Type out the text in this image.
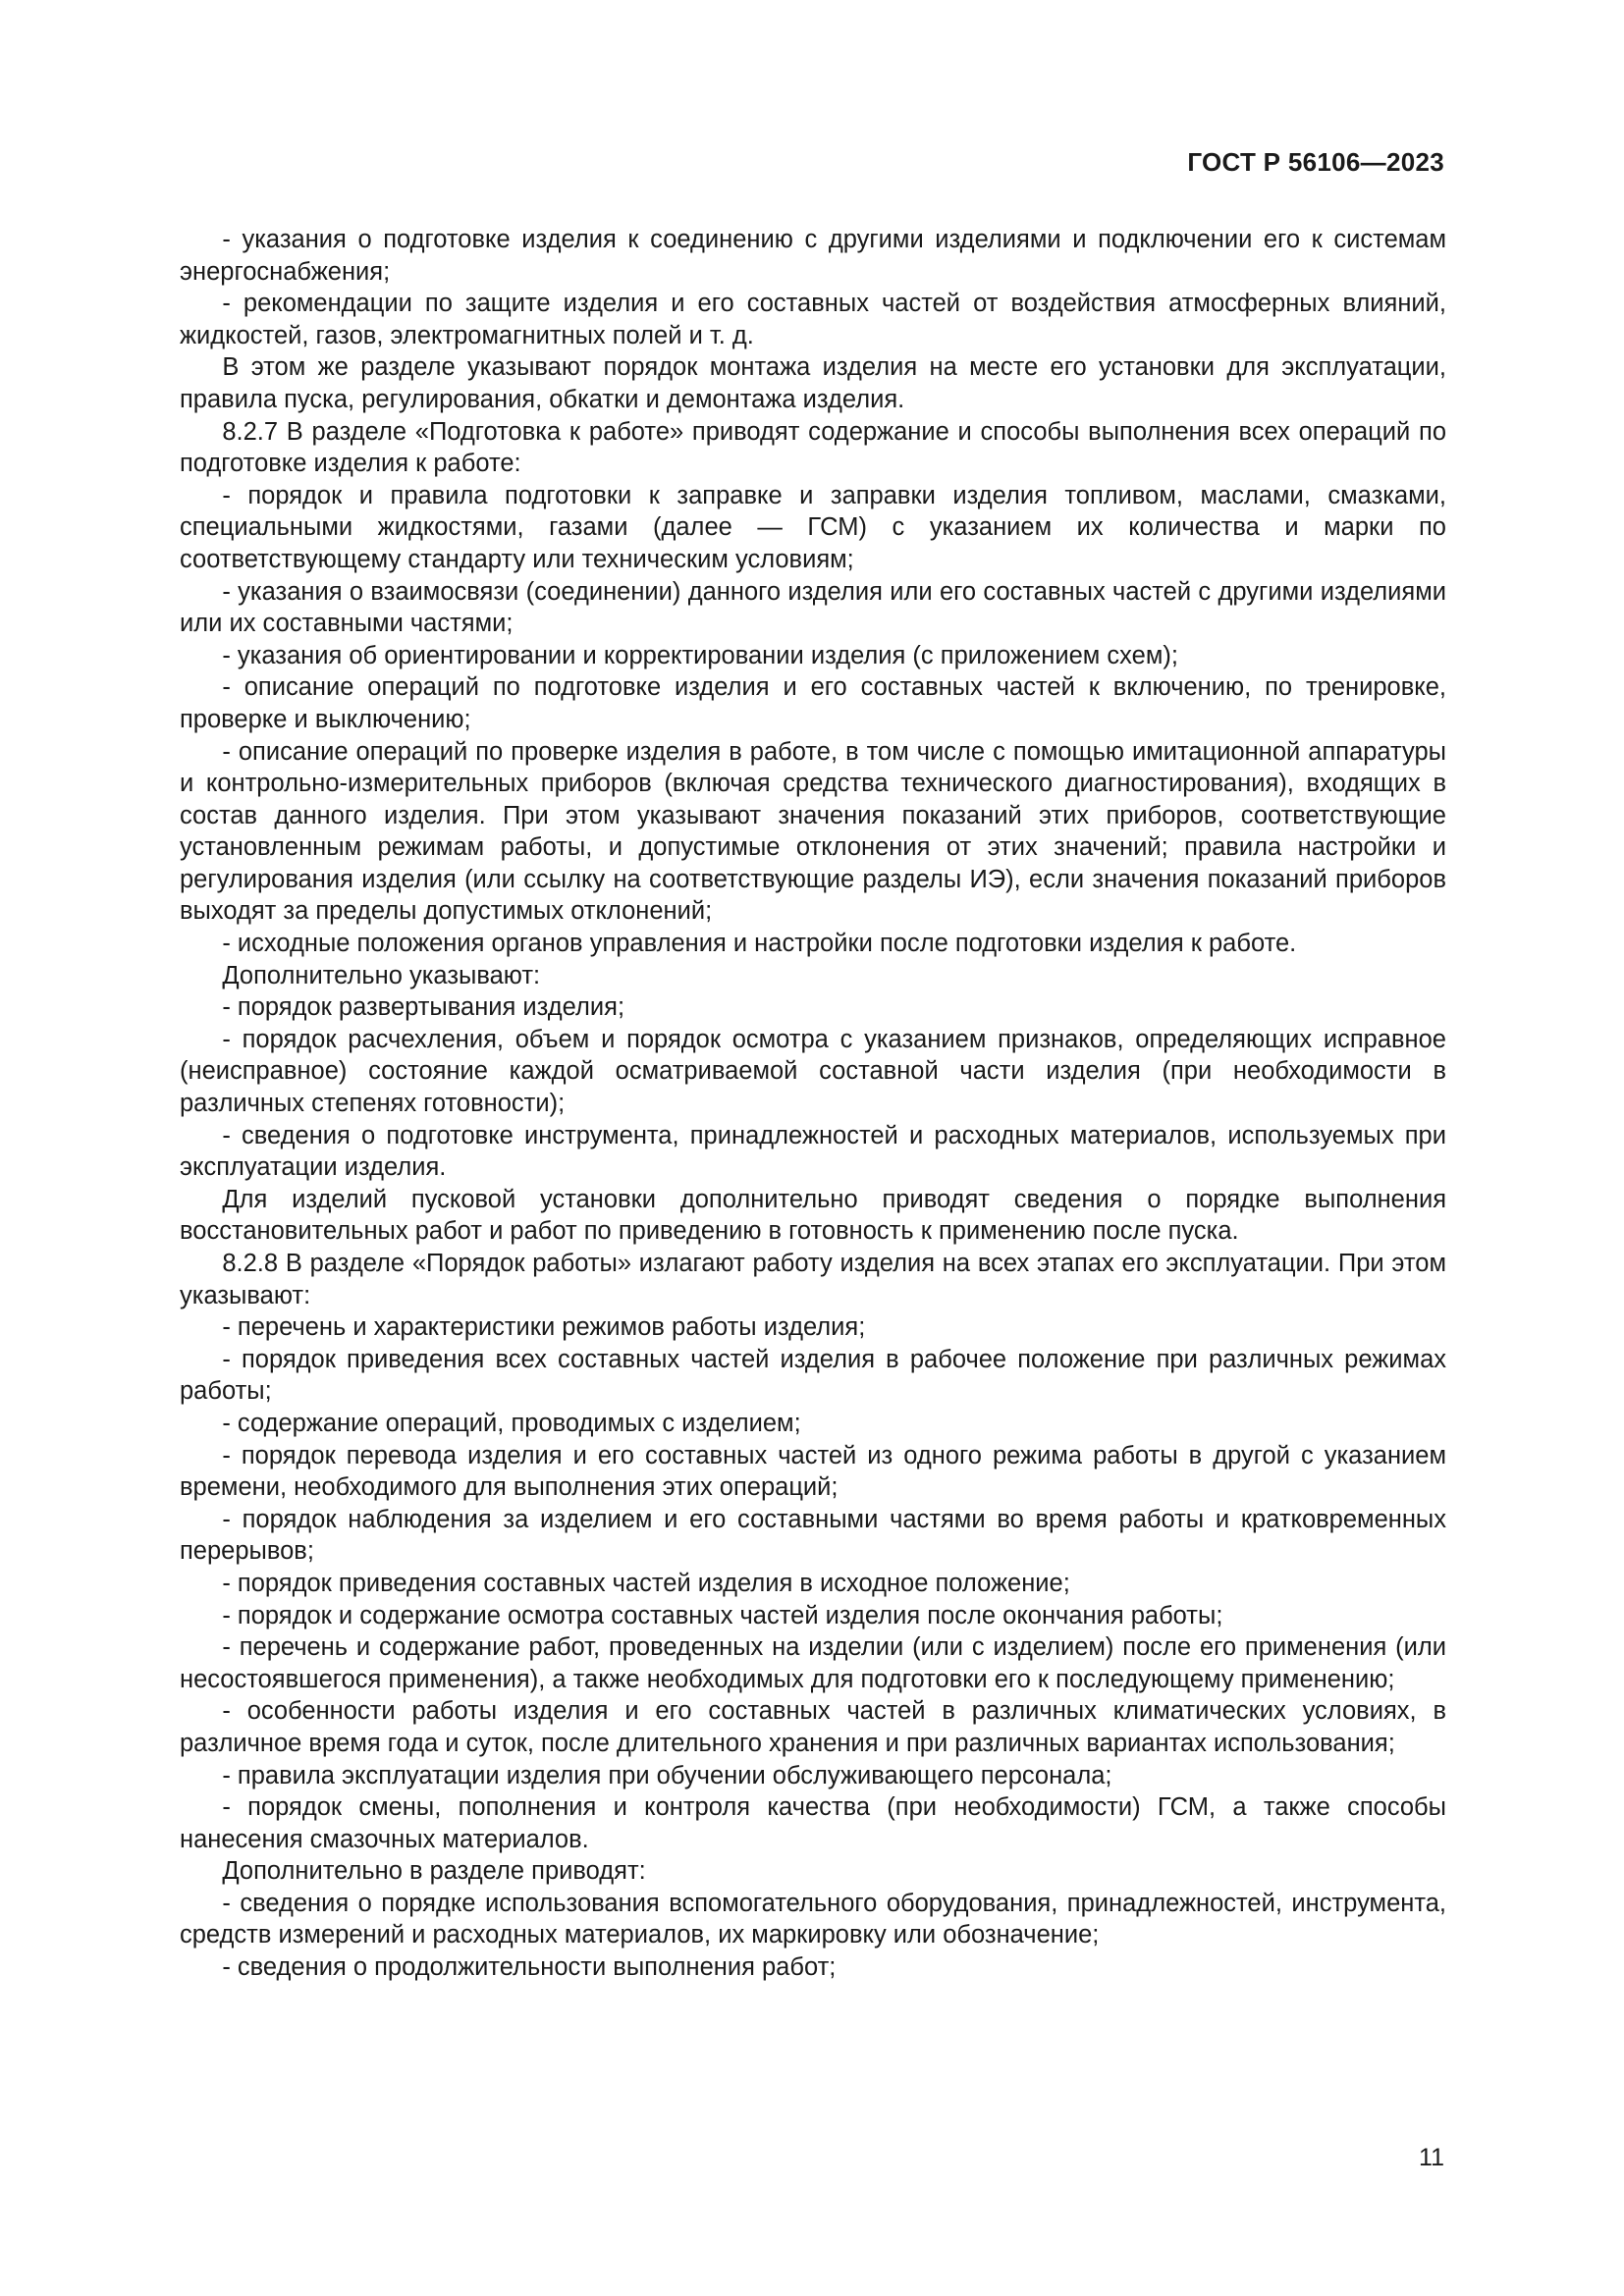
ГОСТ Р 56106—2023

- указания о подготовке изделия к соединению с другими изделиями и подключении его к системам энергоснабжения;

- рекомендации по защите изделия и его составных частей от воздействия атмосферных влияний, жидкостей, газов, электромагнитных полей и т. д.

В этом же разделе указывают порядок монтажа изделия на месте его установки для эксплуатации, правила пуска, регулирования, обкатки и демонтажа изделия.

8.2.7 В разделе «Подготовка к работе» приводят содержание и способы выполнения всех операций по подготовке изделия к работе:

- порядок и правила подготовки к заправке и заправки изделия топливом, маслами, смазками, специальными жидкостями, газами (далее — ГСМ) с указанием их количества и марки по соответствующему стандарту или техническим условиям;

- указания о взаимосвязи (соединении) данного изделия или его составных частей с другими изделиями или их составными частями;

- указания об ориентировании и корректировании изделия (с приложением схем);

- описание операций по подготовке изделия и его составных частей к включению, по тренировке, проверке и выключению;

- описание операций по проверке изделия в работе, в том числе с помощью имитационной аппаратуры и контрольно-измерительных приборов (включая средства технического диагностирования), входящих в состав данного изделия. При этом указывают значения показаний этих приборов, соответствующие установленным режимам работы, и допустимые отклонения от этих значений; правила настройки и регулирования изделия (или ссылку на соответствующие разделы ИЭ), если значения показаний приборов выходят за пределы допустимых отклонений;

- исходные положения органов управления и настройки после подготовки изделия к работе.

Дополнительно указывают:

- порядок развертывания изделия;

- порядок расчехления, объем и порядок осмотра с указанием признаков, определяющих исправное (неисправное) состояние каждой осматриваемой составной части изделия (при необходимости в различных степенях готовности);

- сведения о подготовке инструмента, принадлежностей и расходных материалов, используемых при эксплуатации изделия.

Для изделий пусковой установки дополнительно приводят сведения о порядке выполнения восстановительных работ и работ по приведению в готовность к применению после пуска.

8.2.8 В разделе «Порядок работы» излагают работу изделия на всех этапах его эксплуатации. При этом указывают:

- перечень и характеристики режимов работы изделия;

- порядок приведения всех составных частей изделия в рабочее положение при различных режимах работы;

- содержание операций, проводимых с изделием;

- порядок перевода изделия и его составных частей из одного режима работы в другой с указанием времени, необходимого для выполнения этих операций;

- порядок наблюдения за изделием и его составными частями во время работы и кратковременных перерывов;

- порядок приведения составных частей изделия в исходное положение;

- порядок и содержание осмотра составных частей изделия после окончания работы;

- перечень и содержание работ, проведенных на изделии (или с изделием) после его применения (или несостоявшегося применения), а также необходимых для подготовки его к последующему применению;

- особенности работы изделия и его составных частей в различных климатических условиях, в различное время года и суток, после длительного хранения и при различных вариантах использования;

- правила эксплуатации изделия при обучении обслуживающего персонала;

- порядок смены, пополнения и контроля качества (при необходимости) ГСМ, а также способы нанесения смазочных материалов.

Дополнительно в разделе приводят:

- сведения о порядке использования вспомогательного оборудования, принадлежностей, инструмента, средств измерений и расходных материалов, их маркировку или обозначение;

- сведения о продолжительности выполнения работ;

11
